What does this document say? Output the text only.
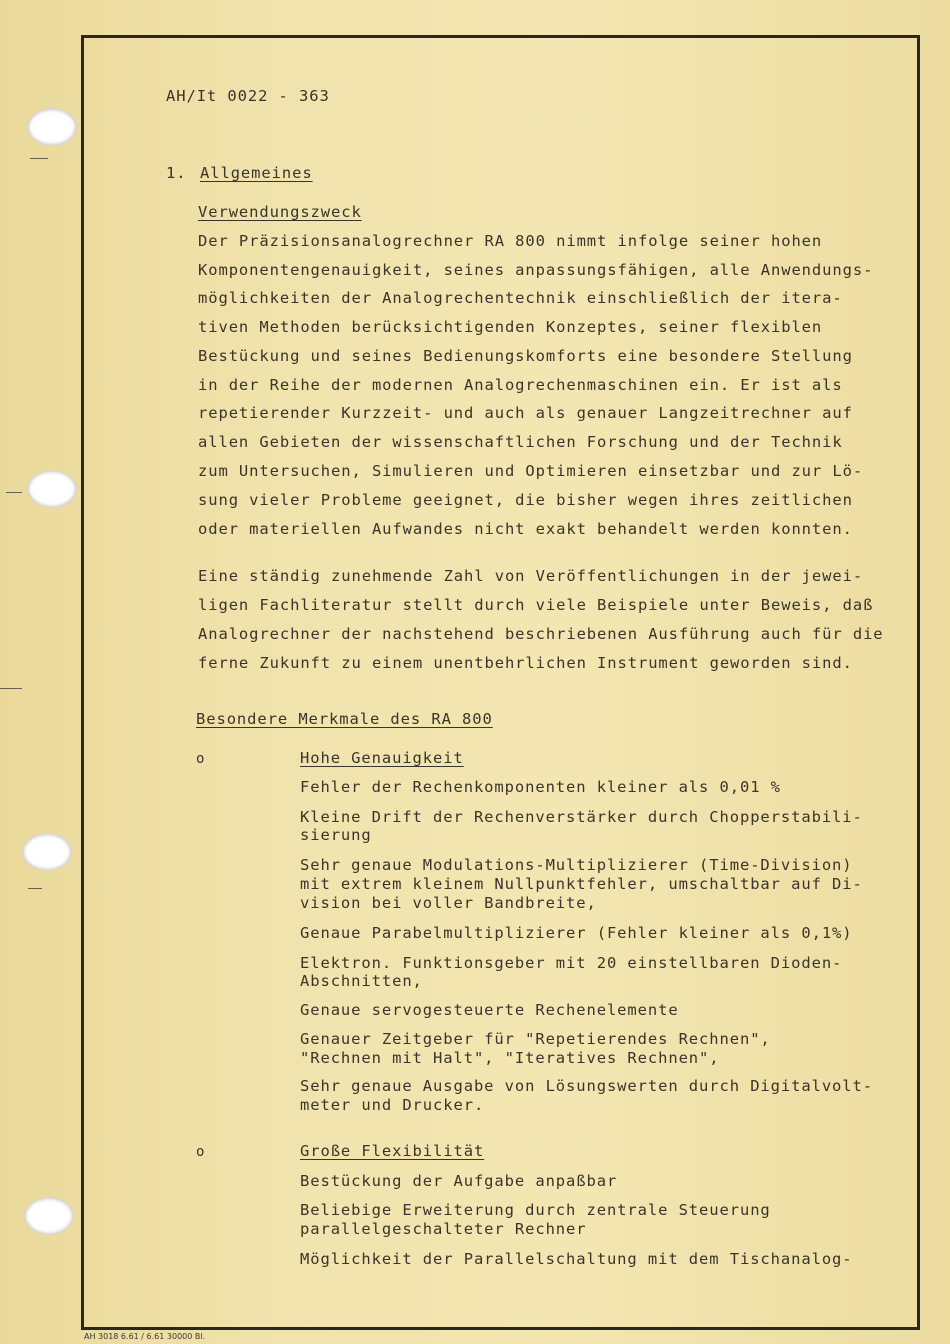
AH/It 0022 - 363
1. Allgemeines
Verwendungszweck
Der Präzisionsanalogrechner RA 800 nimmt infolge seiner hohen
Komponentengenauigkeit, seines anpassungsfähigen, alle Anwendungs-
möglichkeiten der Analogrechentechnik einschließlich der itera-
tiven Methoden berücksichtigenden Konzeptes, seiner flexiblen
Bestückung und seines Bedienungskomforts eine besondere Stellung
in der Reihe der modernen Analogrechenmaschinen ein. Er ist als
repetierender Kurzzeit- und auch als genauer Langzeitrechner auf
allen Gebieten der wissenschaftlichen Forschung und der Technik
zum Untersuchen, Simulieren und Optimieren einsetzbar und zur Lö-
sung vieler Probleme geeignet, die bisher wegen ihres zeitlichen
oder materiellen Aufwandes nicht exakt behandelt werden konnten.
Eine ständig zunehmende Zahl von Veröffentlichungen in der jewei-
ligen Fachliteratur stellt durch viele Beispiele unter Beweis, daß
Analogrechner der nachstehend beschriebenen Ausführung auch für die
ferne Zukunft zu einem unentbehrlichen Instrument geworden sind.
Besondere Merkmale des RA 800
o	Hohe Genauigkeit
Fehler der Rechenkomponenten kleiner als 0,01 %
Kleine Drift der Rechenverstärker durch Chopperstabili-
sierung
Sehr genaue Modulations-Multiplizierer (Time-Division)
mit extrem kleinem Nullpunktfehler, umschaltbar auf Di-
vision bei voller Bandbreite,
Genaue Parabelmultiplizierer (Fehler kleiner als 0,1%)
Elektron. Funktionsgeber mit 20 einstellbaren Dioden-
Abschnitten,
Genaue servogesteuerte Rechenelemente
Genauer Zeitgeber für "Repetierendes Rechnen",
"Rechnen mit Halt", "Iteratives Rechnen",
Sehr genaue Ausgabe von Lösungswerten durch Digitalvolt-
meter und Drucker.
o	Große Flexibilität
Bestückung der Aufgabe anpaßbar
Beliebige Erweiterung durch zentrale Steuerung
parallelgeschalteter Rechner
Möglichkeit der Parallelschaltung mit dem Tischanalog-
AH 3018 6.61 / 6.61 30000 Bl.
